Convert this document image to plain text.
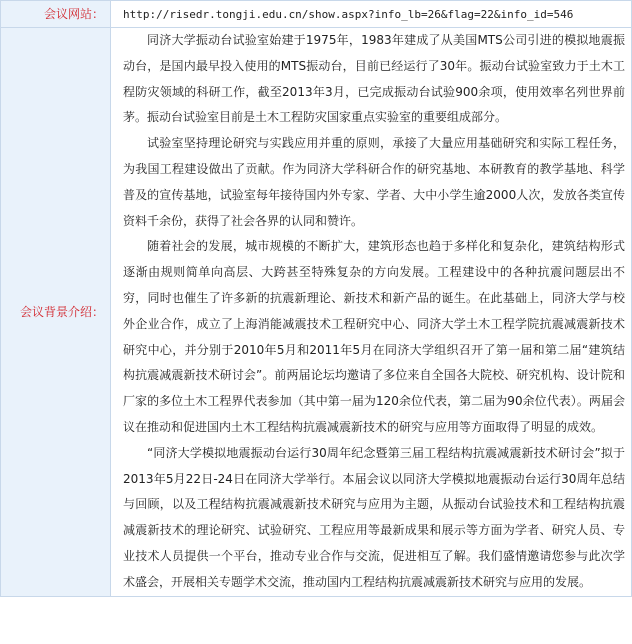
会议网站：	http://risedr.tongji.edu.cn/show.aspx?info_lb=26&flag=22&info_id=546
会议背景介绍：	同济大学振动台试验室始建于1975年，1983年建成了从美国MTS公司引进的模拟地震振动台，是国内最早投入使用的MTS振动台，目前已经运行了30年。振动台试验室致力于土木工程防灾领域的科研工作，截至2013年3月，已完成振动台试验900余项，使用效率名列世界前茅。振动台试验室目前是土木工程防灾国家重点实验室的重要组成部分。

试验室坚持理论研究与实践应用并重的原则，承接了大量应用基础研究和实际工程任务，为我国工程建设做出了贡献。作为同济大学科研合作的研究基地、本研教育的教学基地、科学普及的宣传基地，试验室每年接待国内外专家、学者、大中小学生逾2000人次，发放各类宣传资料千余份，获得了社会各界的认同和赞许。

随着社会的发展，城市规模的不断扩大，建筑形态也趋于多样化和复杂化，建筑结构形式逐渐由规则简单向高层、大跨甚至特殊复杂的方向发展。工程建设中的各种抗震问题层出不穷，同时也催生了许多新的抗震新理论、新技术和新产品的诞生。在此基础上，同济大学与校外企业合作，成立了上海消能减震技术工程研究中心、同济大学土木工程学院抗震减震新技术研究中心，并分别于2010年5月和2011年5月在同济大学组织召开了第一届和第二届“建筑结构抗震减震新技术研讨会”。前两届论坛均邀请了多位来自全国各大院校、研究机构、设计院和厂家的多位土木工程界代表参加（其中第一届为120余位代表，第二届为90余位代表）。两届会议在推动和促进国内土木工程结构抗震减震新技术的研究与应用等方面取得了明显的成效。

“同济大学模拟地震振动台运行30周年纪念暨第三届工程结构抗震减震新技术研讨会”拟于2013年5月22日-24日在同济大学举行。本届会议以同济大学模拟地震振动台运行30周年总结与回顾，以及工程结构抗震减震新技术研究与应用为主题，从振动台试验技术和工程结构抗震减震新技术的理论研究、试验研究、工程应用等最新成果和展示等方面为学者、研究人员、专业技术人员提供一个平台，推动专业合作与交流，促进相互了解。我们盛情邀请您参与此次学术盛会，开展相关专题学术交流，推动国内工程结构抗震减震新技术研究与应用的发展。
